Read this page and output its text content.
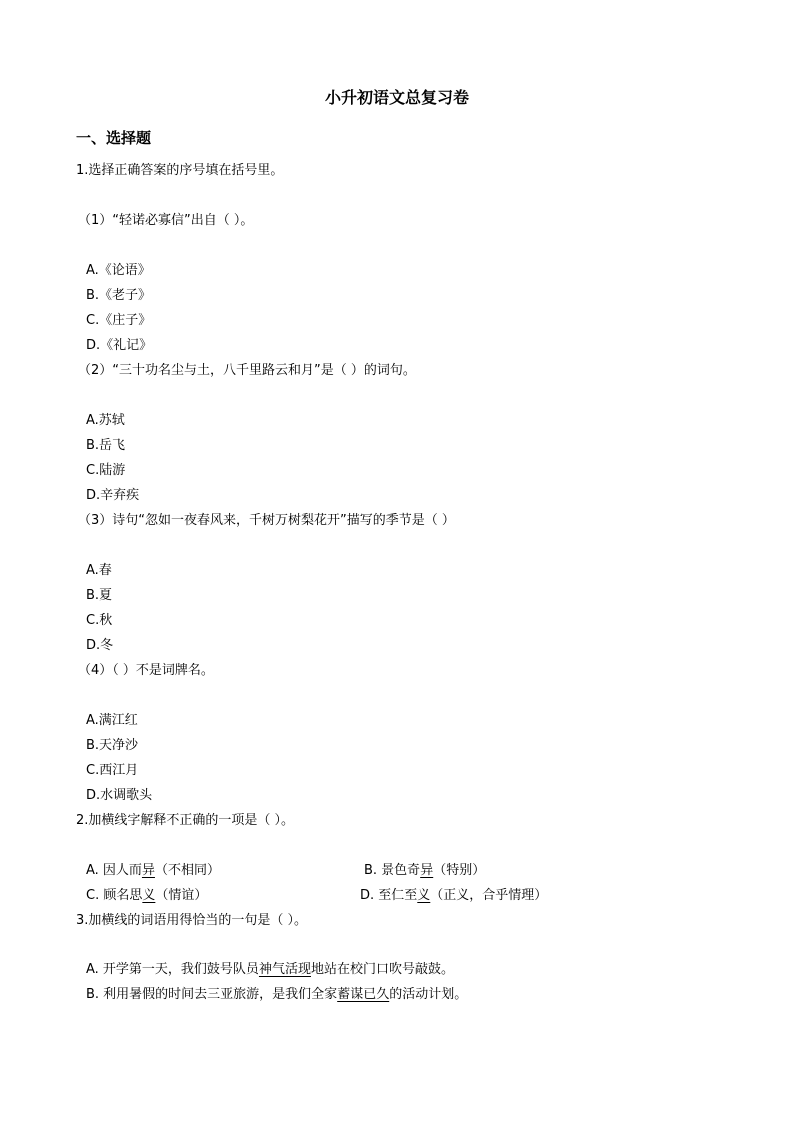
小升初语文总复习卷
一、选择题
1.选择正确答案的序号填在括号里。
（1）“轻诺必寡信”出自（ ）。
A.《论语》
B.《老子》
C.《庄子》
D.《礼记》
（2）“三十功名尘与土，八千里路云和月”是（ ）的词句。
A.苏轼
B.岳飞
C.陆游
D.辛弃疾
（3）诗句“忽如一夜春风来，千树万树梨花开”描写的季节是（ ）
A.春
B.夏
C.秋
D.冬
（4）（ ）不是词牌名。
A.满江红
B.天净沙
C.西江月
D.水调歌头
2.加横线字解释不正确的一项是（ ）。
A. 因人而异（不相同）	B. 景色奇异（特别）
C. 顾名思义（情谊）	D. 至仁至义（正义，合乎情理）
3.加横线的词语用得恰当的一句是（ ）。
A. 开学第一天，我们鼓号队员神气活现地站在校门口吹号敲鼓。
B. 利用暑假的时间去三亚旅游，是我们全家蓄谋已久的活动计划。
